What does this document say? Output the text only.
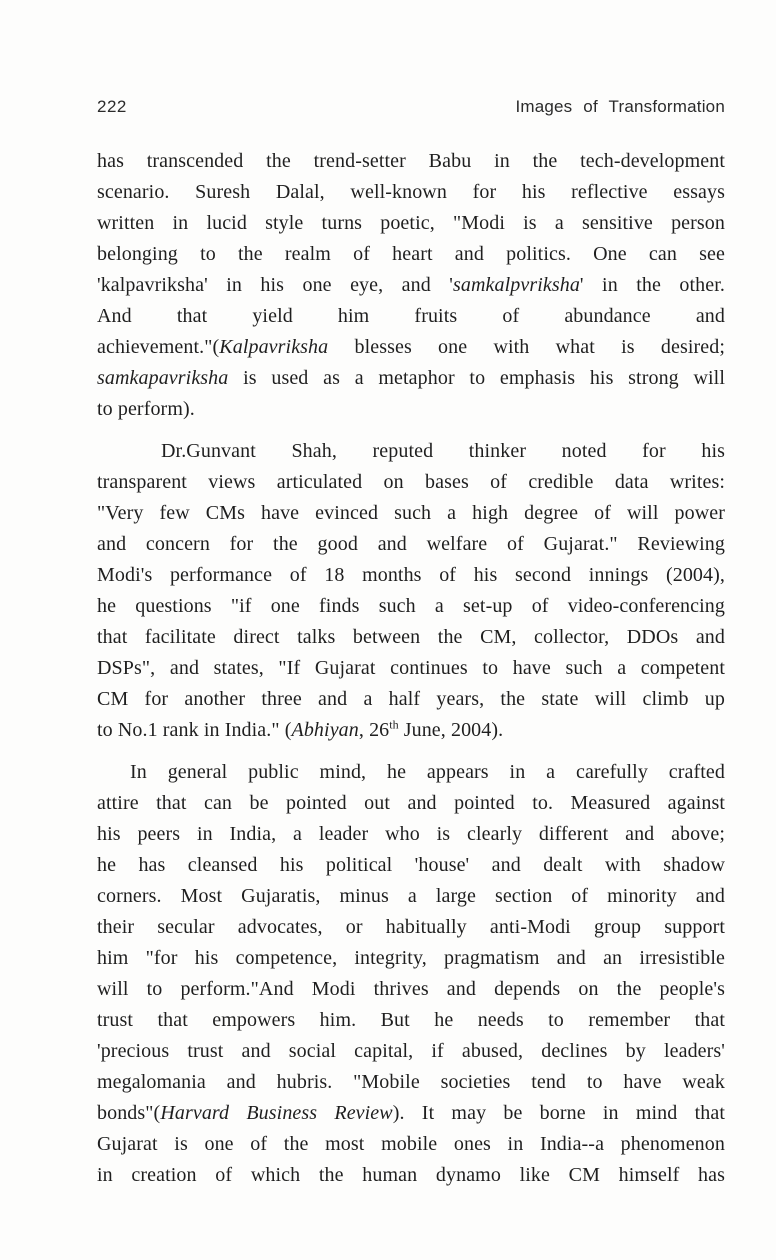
222	Images of Transformation
has transcended the trend-setter Babu in the tech-development
scenario. Suresh Dalal, well-known for his reflective essays
written in lucid style turns poetic, "Modi is a sensitive person
belonging to the realm of heart and politics. One can see
'kalpavriksha' in his one eye, and 'samkalpvriksha' in the other.
And that yield him fruits of abundance and
achievement."(Kalpavriksha blesses one with what is desired;
samkapavriksha is used as a metaphor to emphasis his strong will
to perform).
Dr.Gunvant Shah, reputed thinker noted for his
transparent views articulated on bases of credible data writes:
"Very few CMs have evinced such a high degree of will power
and concern for the good and welfare of Gujarat." Reviewing
Modi's performance of 18 months of his second innings (2004),
he questions "if one finds such a set-up of video-conferencing
that facilitate direct talks between the CM, collector, DDOs and
DSPs", and states, "If Gujarat continues to have such a competent
CM for another three and a half years, the state will climb up
to No.1 rank in India." (Abhiyan, 26th June, 2004).
In general public mind, he appears in a carefully crafted
attire that can be pointed out and pointed to. Measured against
his peers in India, a leader who is clearly different and above;
he has cleansed his political 'house' and dealt with shadow
corners. Most Gujaratis, minus a large section of minority and
their secular advocates, or habitually anti-Modi group support
him "for his competence, integrity, pragmatism and an irresistible
will to perform."And Modi thrives and depends on the people's
trust that empowers him. But he needs to remember that
'precious trust and social capital, if abused, declines by leaders'
megalomania and hubris. "Mobile societies tend to have weak
bonds"(Harvard Business Review). It may be borne in mind that
Gujarat is one of the most mobile ones in India--a phenomenon
in creation of which the human dynamo like CM himself has
